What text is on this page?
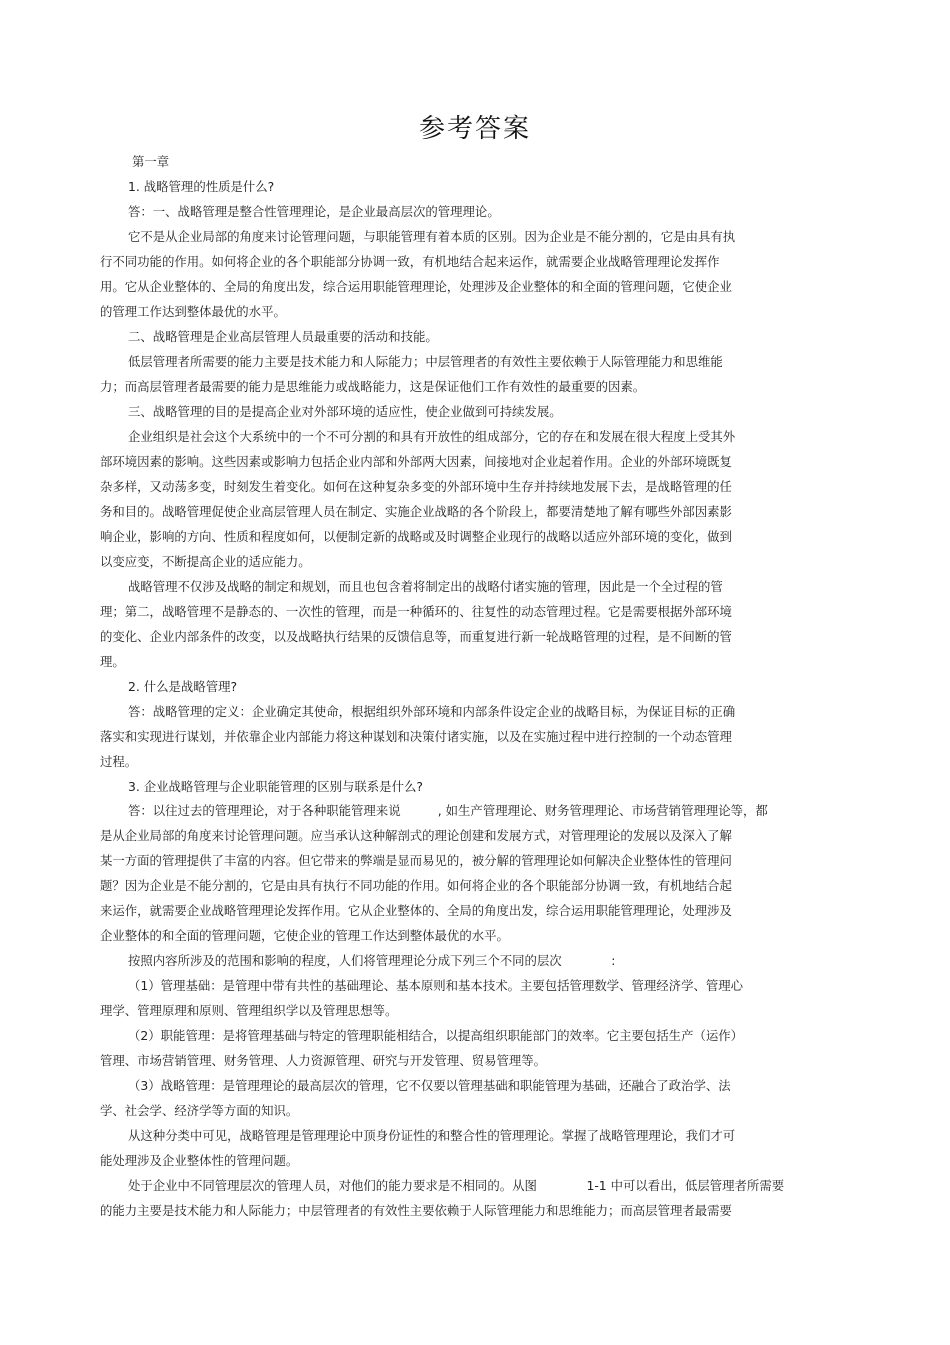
参考答案
第一章
1. 战略管理的性质是什么?
答：一、战略管理是整合性管理理论，是企业最高层次的管理理论。
它不是从企业局部的角度来讨论管理问题，与职能管理有着本质的区别。因为企业是不能分割的，它是由具有执
行不同功能的作用。如何将企业的各个职能部分协调一致，有机地结合起来运作，就需要企业战略管理理论发挥作
用。它从企业整体的、全局的角度出发，综合运用职能管理理论，处理涉及企业整体的和全面的管理问题，它使企业
的管理工作达到整体最优的水平。
二、战略管理是企业高层管理人员最重要的活动和技能。
低层管理者所需要的能力主要是技术能力和人际能力；中层管理者的有效性主要依赖于人际管理能力和思维能
力；而高层管理者最需要的能力是思维能力或战略能力，这是保证他们工作有效性的最重要的因素。
三、战略管理的目的是提高企业对外部环境的适应性，使企业做到可持续发展。
企业组织是社会这个大系统中的一个不可分割的和具有开放性的组成部分，它的存在和发展在很大程度上受其外
部环境因素的影响。这些因素或影响力包括企业内部和外部两大因素，间接地对企业起着作用。企业的外部环境既复
杂多样，又动荡多变，时刻发生着变化。如何在这种复杂多变的外部环境中生存并持续地发展下去，是战略管理的任
务和目的。战略管理促使企业高层管理人员在制定、实施企业战略的各个阶段上，都要清楚地了解有哪些外部因素影
响企业，影响的方向、性质和程度如何，以便制定新的战略或及时调整企业现行的战略以适应外部环境的变化，做到
以变应变，不断提高企业的适应能力。
战略管理不仅涉及战略的制定和规划，而且也包含着将制定出的战略付诸实施的管理，因此是一个全过程的管
理；第二，战略管理不是静态的、一次性的管理，而是一种循环的、往复性的动态管理过程。它是需要根据外部环境
的变化、企业内部条件的改变，以及战略执行结果的反馈信息等，而重复进行新一轮战略管理的过程，是不间断的管
理。
2. 什么是战略管理?
答：战略管理的定义：企业确定其使命，根据组织外部环境和内部条件设定企业的战略目标，为保证目标的正确
落实和实现进行谋划，并依靠企业内部能力将这种谋划和决策付诸实施，以及在实施过程中进行控制的一个动态管理
过程。
3. 企业战略管理与企业职能管理的区别与联系是什么?
答：以往过去的管理理论，对于各种职能管理来说　　　, 如生产管理理论、财务管理理论、市场营销管理理论等，都
是从企业局部的角度来讨论管理问题。应当承认这种解剖式的理论创建和发展方式，对管理理论的发展以及深入了解
某一方面的管理提供了丰富的内容。但它带来的弊端是显而易见的，被分解的管理理论如何解决企业整体性的管理问
题？因为企业是不能分割的，它是由具有执行不同功能的作用。如何将企业的各个职能部分协调一致，有机地结合起
来运作，就需要企业战略管理理论发挥作用。它从企业整体的、全局的角度出发，综合运用职能管理理论，处理涉及
企业整体的和全面的管理问题，它使企业的管理工作达到整体最优的水平。
按照内容所涉及的范围和影响的程度，人们将管理理论分成下列三个不同的层次　　　　:
（1）管理基础：是管理中带有共性的基础理论、基本原则和基本技术。主要包括管理数学、管理经济学、管理心
理学、管理原理和原则、管理组织学以及管理思想等。
（2）职能管理：是将管理基础与特定的管理职能相结合，以提高组织职能部门的效率。它主要包括生产（运作）
管理、市场营销管理、财务管理、人力资源管理、研究与开发管理、贸易管理等。
（3）战略管理：是管理理论的最高层次的管理，它不仅要以管理基础和职能管理为基础，还融合了政治学、法
学、社会学、经济学等方面的知识。
从这种分类中可见，战略管理是管理理论中顶身份证性的和整合性的管理理论。掌握了战略管理理论，我们才可
能处理涉及企业整体性的管理问题。
处于企业中不同管理层次的管理人员，对他们的能力要求是不相同的。从图　　　　1-1 中可以看出，低层管理者所需要
的能力主要是技术能力和人际能力；中层管理者的有效性主要依赖于人际管理能力和思维能力；而高层管理者最需要
